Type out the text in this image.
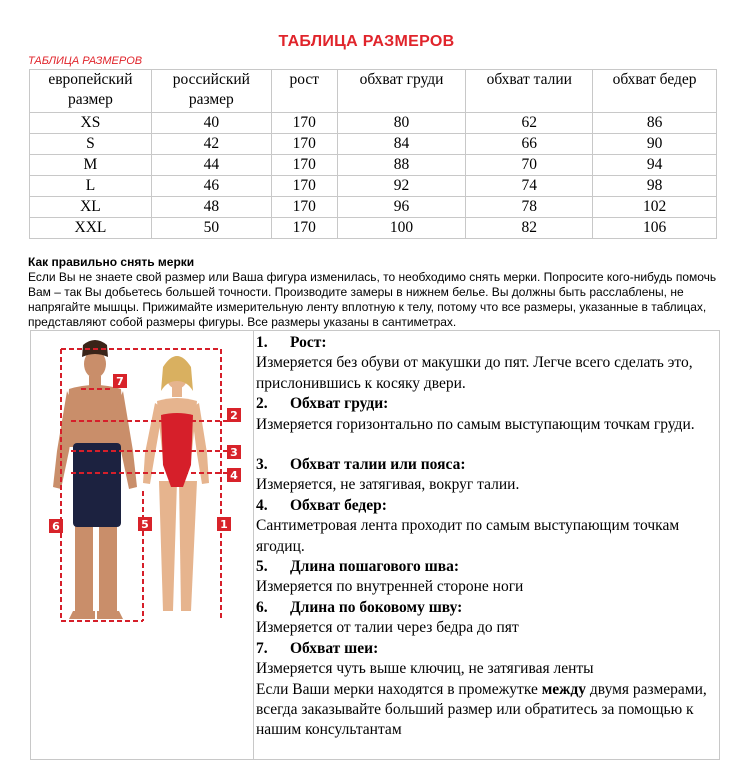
ТАБЛИЦА РАЗМЕРОВ
ТАБЛИЦА РАЗМЕРОВ
европейский размер	российский размер	рост	обхват груди	обхват талии	обхват бедер
XS	40	170	80	62	86
S	42	170	84	66	90
M	44	170	88	70	94
L	46	170	92	74	98
XL	48	170	96	78	102
XXL	50	170	100	82	106

Как правильно снять мерки

Если Вы не знаете свой размер или Ваша фигура изменилась, то необходимо снять мерки. Попросите кого-нибудь помочь Вам – так Вы добьетесь большей точности. Производите замеры в нижнем белье. Вы должны быть расслаблены, не напрягайте мышцы. Прижимайте измерительную ленту вплотную к телу, потому что все размеры, указанные в таблицах, представляют собой размеры фигуры. Все размеры указаны в сантиметрах.

7
2
3
4
6	5	1

1. Рост:

Измеряется без обуви от макушки до пят. Легче всего сделать это, прислонившись к косяку двери.

2. Обхват груди:

Измеряется горизонтально по самым выступающим точкам груди.

3. Обхват талии или пояса:

Измеряется, не затягивая, вокруг талии.

4. Обхват бедер:

Сантиметровая лента проходит по самым выступающим точкам ягодиц.

5. Длина пошагового шва:

Измеряется по внутренней стороне ноги

6. Длина по боковому шву:

Измеряется от талии через бедра до пят

7. Обхват шеи:

Измеряется чуть выше ключиц, не затягивая ленты

Если Ваши мерки находятся в промежутке между двумя размерами, всегда заказывайте больший размер или обратитесь за помощью к нашим консультантам
